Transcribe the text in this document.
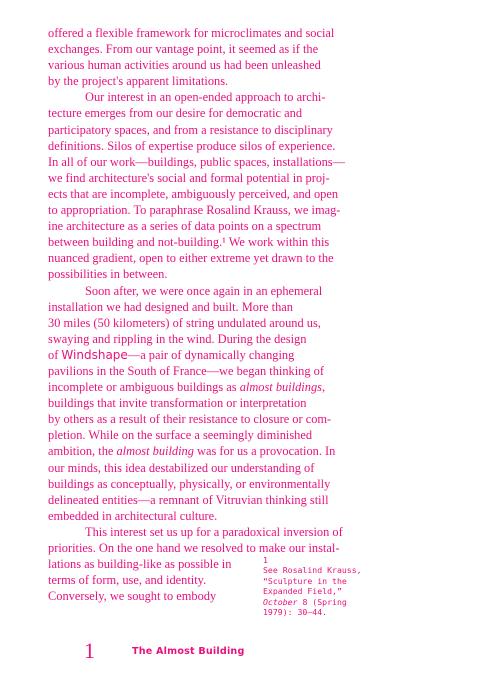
offered a flexible framework for microclimates and social
exchanges. From our vantage point, it seemed as if the
various human activities around us had been unleashed
by the project's apparent limitations.
Our interest in an open-ended approach to archi-
tecture emerges from our desire for democratic and
participatory spaces, and from a resistance to disciplinary
definitions. Silos of expertise produce silos of experience.
In all of our work—buildings, public spaces, installations—
we find architecture's social and formal potential in proj-
ects that are incomplete, ambiguously perceived, and open
to appropriation. To paraphrase Rosalind Krauss, we imag-
ine architecture as a series of data points on a spectrum
between building and not-building.¹ We work within this
nuanced gradient, open to either extreme yet drawn to the
possibilities in between.
Soon after, we were once again in an ephemeral
installation we had designed and built. More than
30 miles (50 kilometers) of string undulated around us,
swaying and rippling in the wind. During the design
of Windshape—a pair of dynamically changing
pavilions in the South of France—we began thinking of
incomplete or ambiguous buildings as almost buildings,
buildings that invite transformation or interpretation
by others as a result of their resistance to closure or com-
pletion. While on the surface a seemingly diminished
ambition, the almost building was for us a provocation. In
our minds, this idea destabilized our understanding of
buildings as conceptually, physically, or environmentally
delineated entities—a remnant of Vitruvian thinking still
embedded in architectural culture.
This interest set us up for a paradoxical inversion of
priorities. On the one hand we resolved to make our instal-
lations as building-like as possible in
terms of form, use, and identity.
Conversely, we sought to embody
1
See Rosalind Krauss,
“Sculpture in the
Expanded Field,”
October 8 (Spring
1979): 30–44.
1	The Almost Building
